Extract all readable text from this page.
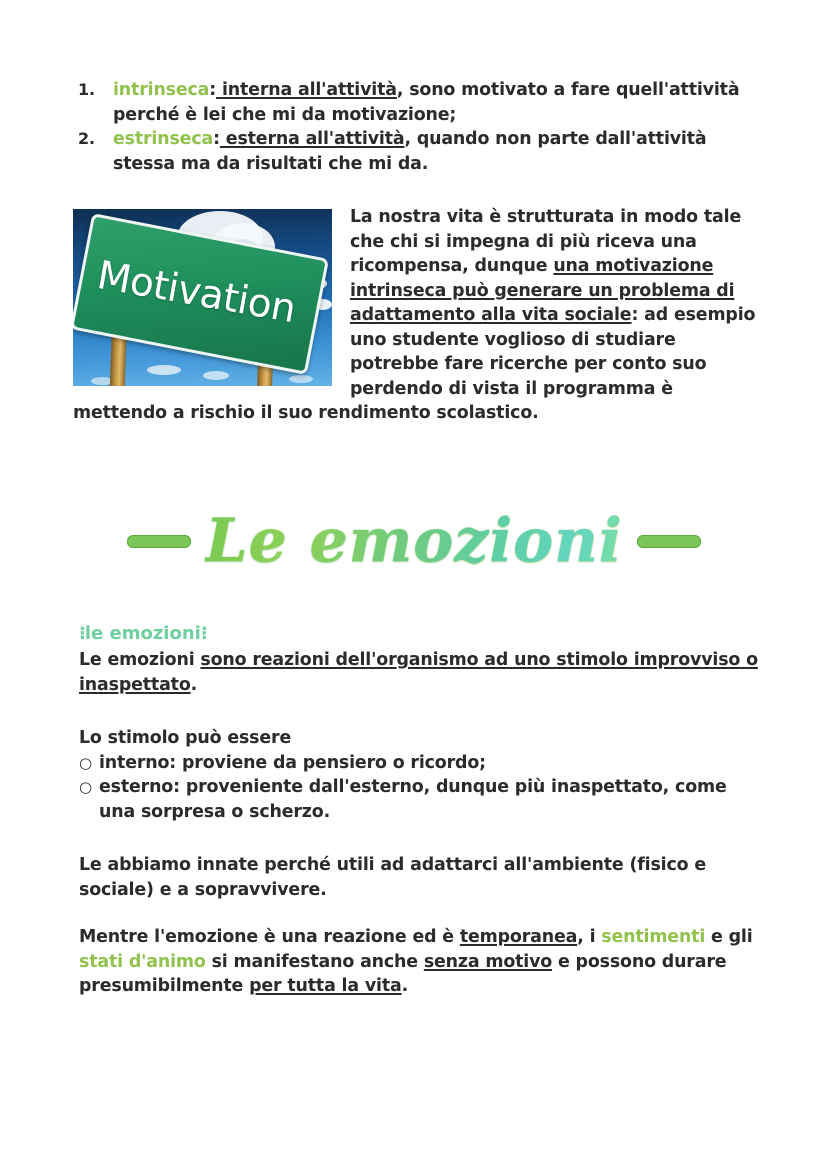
1.	intrinseca: interna all'attività, sono motivato a fare quell'attività perché è lei che mi da motivazione;
2.	estrinseca: esterna all'attività, quando non parte dall'attività stessa ma da risultati che mi da.
Motivation
La nostra vita è strutturata in modo tale che chi si impegna di più riceva una ricompensa, dunque una motivazione intrinseca può generare un problema di adattamento alla vita sociale: ad esempio uno studente voglioso di studiare potrebbe fare ricerche per conto suo perdendo di vista il programma è mettendo a rischio il suo rendimento scolastico.
Le emozioni
⁝le emozioni⁝
Le emozioni sono reazioni dell'organismo ad uno stimolo improvviso o inaspettato.
Lo stimolo può essere
○ interno: proviene da pensiero o ricordo;
○ esterno: proveniente dall'esterno, dunque più inaspettato, come una sorpresa o scherzo.
Le abbiamo innate perché utili ad adattarci all'ambiente (fisico e sociale) e a sopravvivere.
Mentre l'emozione è una reazione ed è temporanea, i sentimenti e gli stati d'animo si manifestano anche senza motivo e possono durare presumibilmente per tutta la vita.
